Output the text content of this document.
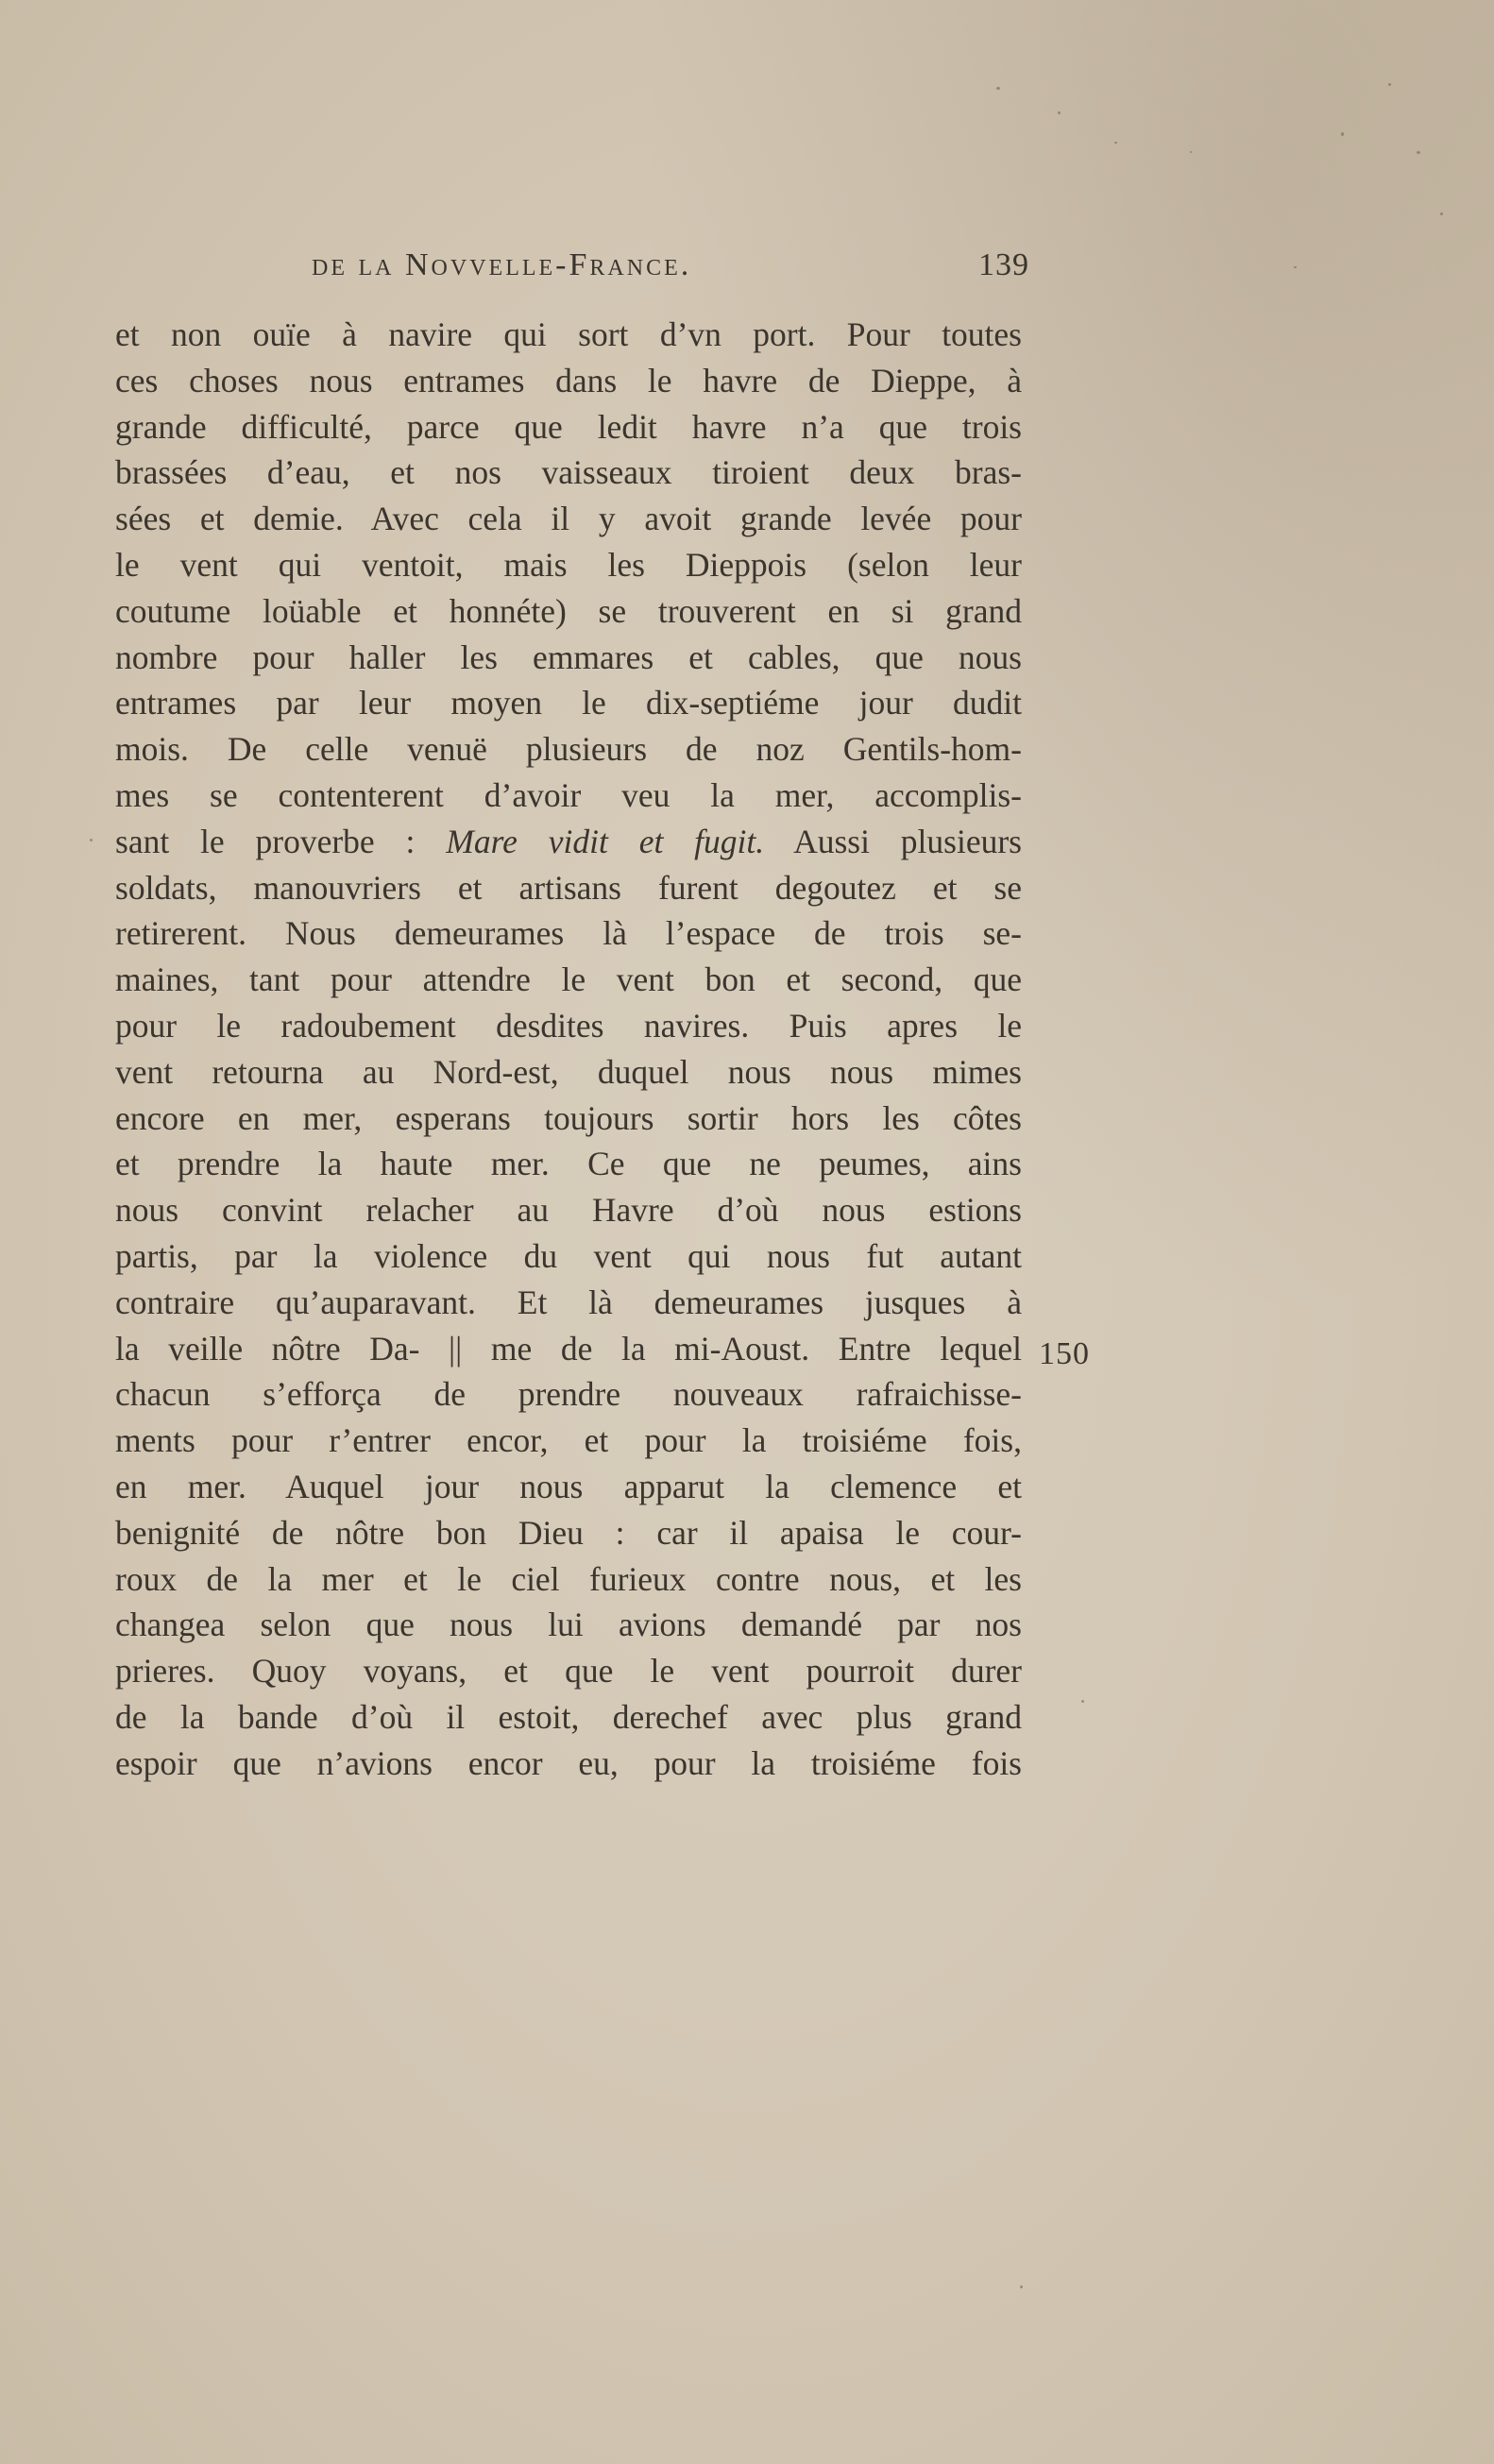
de la Novvelle-France.	139
150
et non ouïe à navire qui sort d’vn port. Pour toutes
ces choses nous entrames dans le havre de Dieppe, à
grande difficulté, parce que ledit havre n’a que trois
brassées d’eau, et nos vaisseaux tiroient deux bras-
sées et demie. Avec cela il y avoit grande levée pour
le vent qui ventoit, mais les Dieppois (selon leur
coutume loüable et honnéte) se trouverent en si grand
nombre pour haller les emmares et cables, que nous
entrames par leur moyen le dix-septiéme jour dudit
mois. De celle venuë plusieurs de noz Gentils-hom-
mes se contenterent d’avoir veu la mer, accomplis-
sant le proverbe : Mare vidit et fugit. Aussi plusieurs
soldats, manouvriers et artisans furent degoutez et se
retirerent. Nous demeurames là l’espace de trois se-
maines, tant pour attendre le vent bon et second, que
pour le radoubement desdites navires. Puis apres le
vent retourna au Nord-est, duquel nous nous mimes
encore en mer, esperans toujours sortir hors les côtes
et prendre la haute mer. Ce que ne peumes, ains
nous convint relacher au Havre d’où nous estions
partis, par la violence du vent qui nous fut autant
contraire qu’auparavant. Et là demeurames jusques à
la veille nôtre Da- || me de la mi-Aoust. Entre lequel
chacun s’efforça de prendre nouveaux rafraichisse-
ments pour r’entrer encor, et pour la troisiéme fois,
en mer. Auquel jour nous apparut la clemence et
benignité de nôtre bon Dieu : car il apaisa le cour-
roux de la mer et le ciel furieux contre nous, et les
changea selon que nous lui avions demandé par nos
prieres. Quoy voyans, et que le vent pourroit durer
de la bande d’où il estoit, derechef avec plus grand
espoir que n’avions encor eu, pour la troisiéme fois
